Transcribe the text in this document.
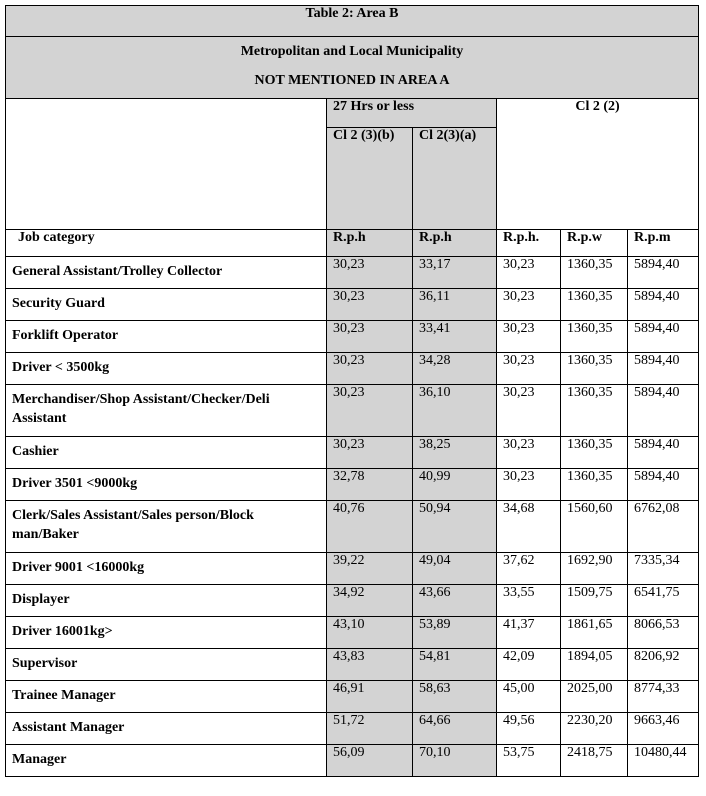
Table 2: Area B					

Metropolitan and Local Municipality
NOT MENTIONED IN AREA A					

	27 Hrs or less		Cl 2 (2)		
	Cl 2 (3)(b)	Cl 2(3)(a)			
Job category	R.p.h	R.p.h	R.p.h.	R.p.w	R.p.m
General Assistant/Trolley Collector	30,23	33,17	30,23	1360,35	5894,40
Security Guard	30,23	36,11	30,23	1360,35	5894,40
Forklift Operator	30,23	33,41	30,23	1360,35	5894,40
Driver < 3500kg	30,23	34,28	30,23	1360,35	5894,40
Merchandiser/Shop Assistant/Checker/Deli Assistant	30,23	36,10	30,23	1360,35	5894,40
Cashier	30,23	38,25	30,23	1360,35	5894,40
Driver 3501 <9000kg	32,78	40,99	30,23	1360,35	5894,40
Clerk/Sales Assistant/Sales person/Block man/Baker	40,76	50,94	34,68	1560,60	6762,08
Driver 9001 <16000kg	39,22	49,04	37,62	1692,90	7335,34
Displayer	34,92	43,66	33,55	1509,75	6541,75
Driver 16001kg>	43,10	53,89	41,37	1861,65	8066,53
Supervisor	43,83	54,81	42,09	1894,05	8206,92
Trainee Manager	46,91	58,63	45,00	2025,00	8774,33
Assistant Manager	51,72	64,66	49,56	2230,20	9663,46
Manager	56,09	70,10	53,75	2418,75	10480,44
